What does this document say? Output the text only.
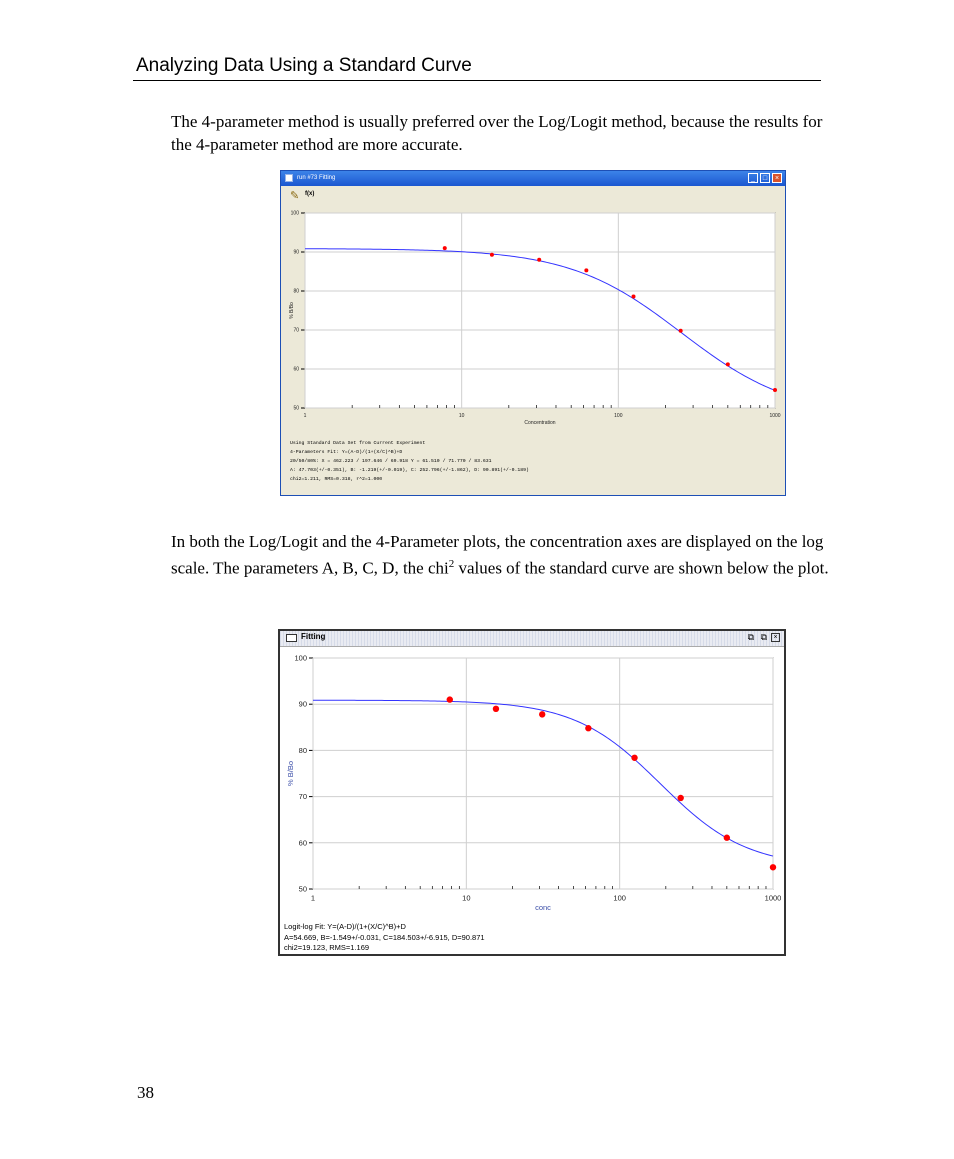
Analyzing Data Using a Standard Curve
The 4-parameter method is usually preferred over the Log/Logit method, because the results for the 4-parameter method are more accurate.
run #73 Fitting	_	□	×
✎ f(x)
50
60
70
80
90
100
1	10	100	1000
Concentration
% B/Bo
Using Standard Data Set from Current Experiment
4-Parameters Fit: Y=(A-D)/(1+(X/C)^B)+D
20/50/80%: X = 462.223 / 197.646 / 69.918 Y = 61.510 / 71.770 / 83.631
A: 47.703(+/-0.351), B: -1.219(+/-0.019), C: 252.796(+/-1.862), D: 90.891(+/-0.189)
chi2=1.211, RMS=0.318, r^2=1.000
In both the Log/Logit and the 4-Parameter plots, the concentration axes are displayed on the log scale. The parameters A, B, C, D, the chi$^2$ values of the standard curve are shown below the plot.
Fitting	⧉ ⧉ ×
50
60
70
80
90
100
1	10	100	1000
conc
% B/Bo
Logit-log Fit: Y=(A-D)/(1+(X/C)^B)+D
A=54.669, B=-1.549+/-0.031, C=184.503+/-6.915, D=90.871
chi2=19.123, RMS=1.169
38
